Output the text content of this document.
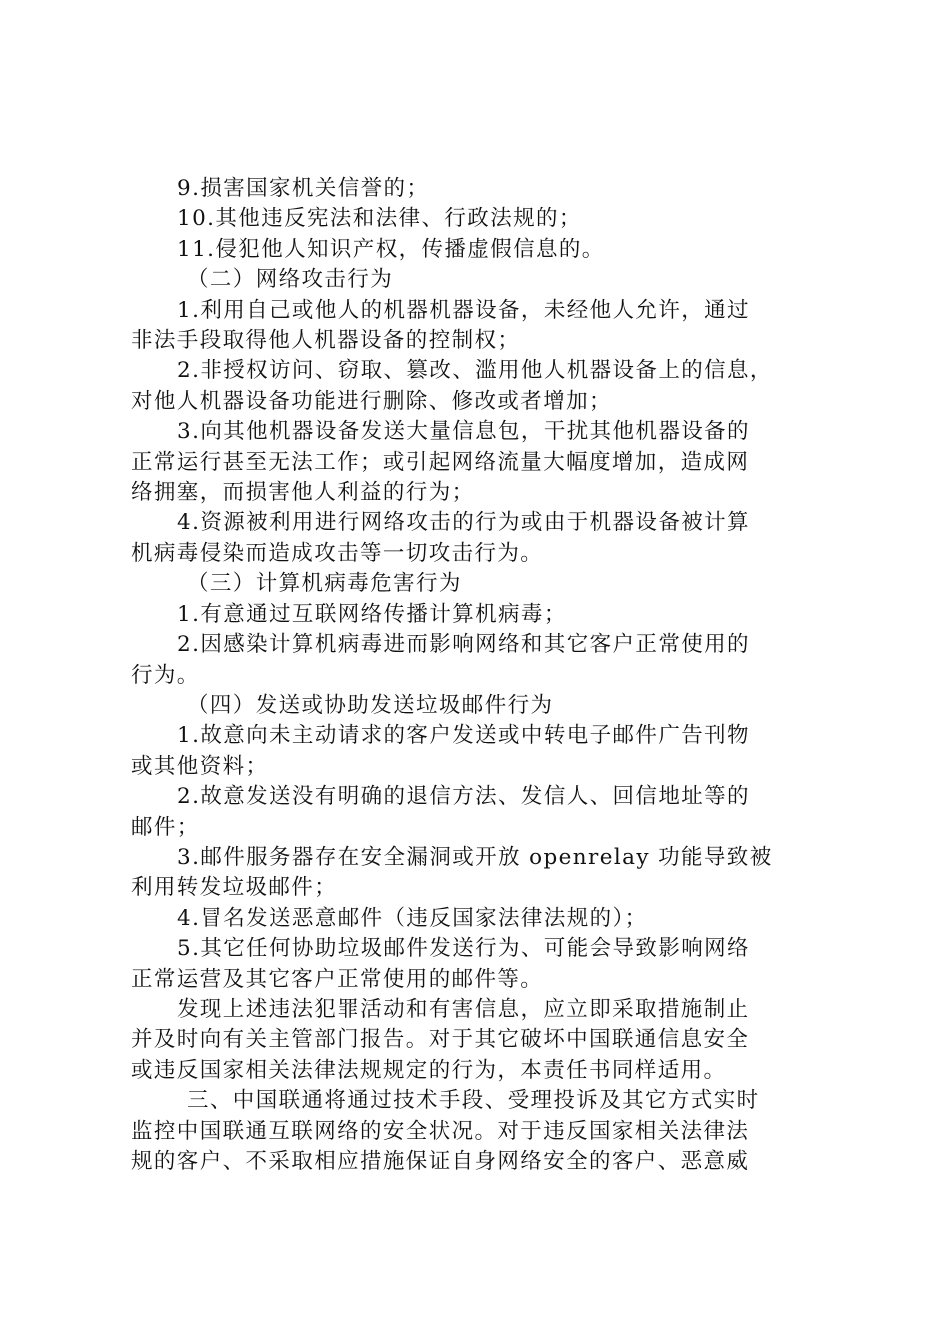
9.损害国家机关信誉的；

10.其他违反宪法和法律、行政法规的；

11.侵犯他人知识产权，传播虚假信息的。

（二）网络攻击行为

1.利用自己或他人的机器机器设备，未经他人允许，通过
非法手段取得他人机器设备的控制权；

2.非授权访问、窃取、篡改、滥用他人机器设备上的信息，
对他人机器设备功能进行删除、修改或者增加；

3.向其他机器设备发送大量信息包，干扰其他机器设备的
正常运行甚至无法工作；或引起网络流量大幅度增加，造成网
络拥塞，而损害他人利益的行为；

4.资源被利用进行网络攻击的行为或由于机器设备被计算
机病毒侵染而造成攻击等一切攻击行为。

（三）计算机病毒危害行为

1.有意通过互联网络传播计算机病毒；

2.因感染计算机病毒进而影响网络和其它客户正常使用的
行为。

（四）发送或协助发送垃圾邮件行为

1.故意向未主动请求的客户发送或中转电子邮件广告刊物
或其他资料；

2.故意发送没有明确的退信方法、发信人、回信地址等的
邮件；

3.邮件服务器存在安全漏洞或开放 openrelay 功能导致被
利用转发垃圾邮件；

4.冒名发送恶意邮件（违反国家法律法规的）；

5.其它任何协助垃圾邮件发送行为、可能会导致影响网络
正常运营及其它客户正常使用的邮件等。

发现上述违法犯罪活动和有害信息，应立即采取措施制止
并及时向有关主管部门报告。对于其它破坏中国联通信息安全
或违反国家相关法律法规规定的行为，本责任书同样适用。

三、中国联通将通过技术手段、受理投诉及其它方式实时
监控中国联通互联网络的安全状况。对于违反国家相关法律法
规的客户、不采取相应措施保证自身网络安全的客户、恶意威
